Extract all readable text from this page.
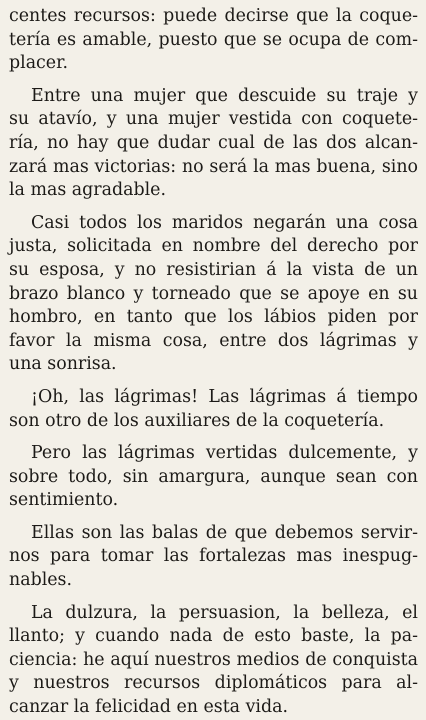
centes recursos: puede decirse que la coque-
tería es amable, puesto que se ocupa de com-
placer.
Entre una mujer que descuide su traje y
su atavío, y una mujer vestida con coquete-
ría, no hay que dudar cual de las dos alcan-
zará mas victorias: no será la mas buena, sino
la mas agradable.
Casi todos los maridos negarán una cosa
justa, solicitada en nombre del derecho por
su esposa, y no resistirian á la vista de un
brazo blanco y torneado que se apoye en su
hombro, en tanto que los lábios piden por
favor la misma cosa, entre dos lágrimas y
una sonrisa.
¡Oh, las lágrimas! Las lágrimas á tiempo
son otro de los auxiliares de la coquetería.
Pero las lágrimas vertidas dulcemente, y
sobre todo, sin amargura, aunque sean con
sentimiento.
Ellas son las balas de que debemos servir-
nos para tomar las fortalezas mas inespug-
nables.
La dulzura, la persuasion, la belleza, el
llanto; y cuando nada de esto baste, la pa-
ciencia: he aquí nuestros medios de conquista
y nuestros recursos diplomáticos para al-
canzar la felicidad en esta vida.
